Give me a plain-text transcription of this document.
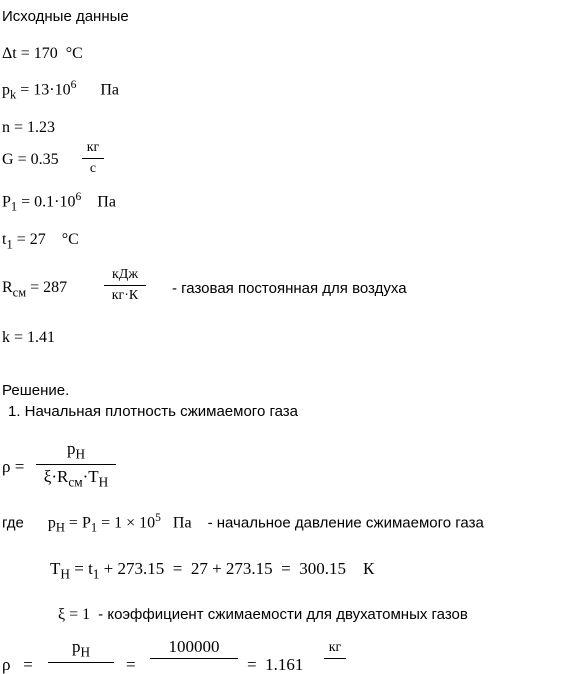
Исходные данные
Δt = 170 °C
$p_k = 13\cdot 10^6$ Па
n = 1.23
G = 0.35
кг
с
$P_1 = 0.1\cdot 10^6$ Па
$t_1 = 27$ °C
$R_{см} = 287$
кДж
кг·К	- газовая постоянная для воздуха
k = 1.41
Решение.
1. Начальная плотность сжимаемого газа
ρ =
$p_H$
$\xi\cdot R_{см}\cdot T_H$
где $p_H = P_1 = 1 \times 10^5$ Па - начальное давление сжимаемого газа
$T_H = t_1 + 273.15 = 27 + 273.15 = 300.15$ К
ξ = 1 - коэффициент сжимаемости для двухатомных газов
ρ =
$p_H$
=
100000
= 1.161
кг
